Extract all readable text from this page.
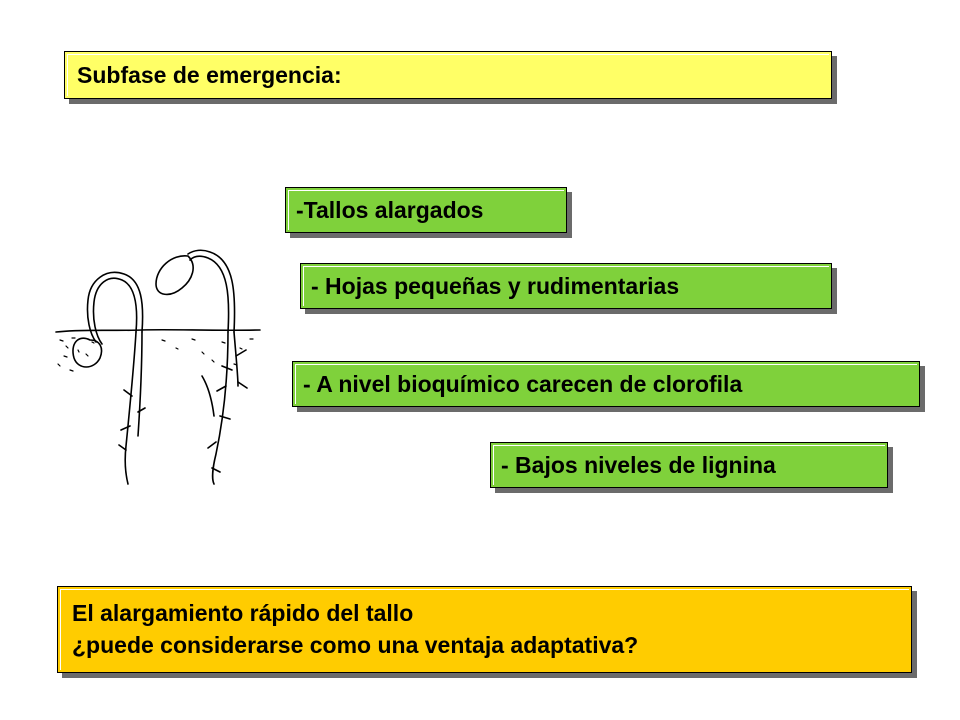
Subfase de emergencia:
-Tallos alargados
- Hojas pequeñas y rudimentarias
- A nivel bioquímico carecen de clorofila
- Bajos niveles de lignina
El alargamiento rápido del tallo
¿puede considerarse como una ventaja adaptativa?
